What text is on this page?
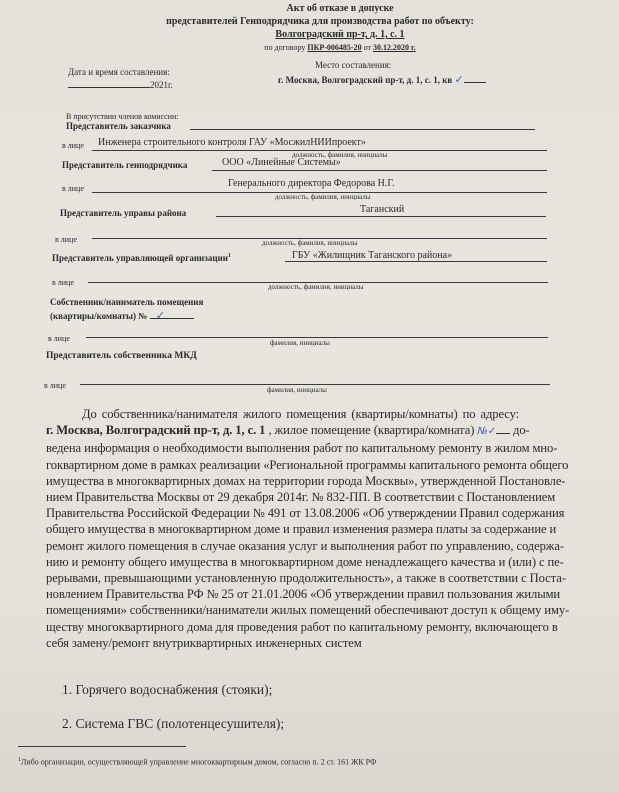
Акт об отказе в допуске
представителей Генподрядчика для производства работ по объекту:
Волгоградский пр-т, д. 1, с. 1
по договору ПКР-006485-20 от 30.12.2020 г.
Дата и время составления:
2021г.
Место составления:
г. Москва, Волгоградский пр-т, д. 1, с. 1, кв ✓
В присутствии членов комиссии:
Представитель заказчика
в лице Инженера строительного контроля ГАУ «МосжилНИИпроект»
должность, фамилия, инициалы
Представитель генподрядчика	ООО «Линейные Системы»
в лице	Генерального директора Федорова Н.Г.
должность, фамилия, инициалы
Представитель управы района	Таганский
в лице	должность, фамилия, инициалы
Представитель управляющей организации$^1$	ГБУ «Жилищник Таганского района»
в лице	должность, фамилия, инициалы
Собственник/наниматель помещения
(квартиры/комнаты) № ✓
в лице	фамилия, инициалы
Представитель собственника МКД
в лице	фамилия, инициалы
До собственника/нанимателя жилого помещения (квартиры/комнаты) по адресу:
г. Москва, Волгоградский пр-т, д. 1, с. 1 , жилое помещение (квартира/комната) №✓ до-
ведена информация о необходимости выполнения работ по капитальному ремонту в жилом мно-
гоквартирном доме в рамках реализации «Региональной программы капитального ремонта общего
имущества в многоквартирных домах на территории города Москвы», утвержденной Постановле-
нием Правительства Москвы от 29 декабря 2014г. № 832-ПП. В соответствии с Постановлением
Правительства Российской Федерации № 491 от 13.08.2006 «Об утверждении Правил содержания
общего имущества в многоквартирном доме и правил изменения размера платы за содержание и
ремонт жилого помещения в случае оказания услуг и выполнения работ по управлению, содержа-
нию и ремонту общего имущества в многоквартирном доме ненадлежащего качества и (или) с пе-
рерывами, превышающими установленную продолжительность», а также в соответствии с Поста-
новлением Правительства РФ № 25 от 21.01.2006 «Об утверждении правил пользования жилыми
помещениями» собственники/наниматели жилых помещений обеспечивают доступ к общему иму-
ществу многоквартирного дома для проведения работ по капитальному ремонту, включающего в
себя замену/ремонт внутриквартирных инженерных систем
1. Горячего водоснабжения (стояки);
2. Система ГВС (полотенцесушителя);
$^1$Либо организации, осуществляющей управление многоквартирным домом, согласно п. 2 ст. 161 ЖК РФ
